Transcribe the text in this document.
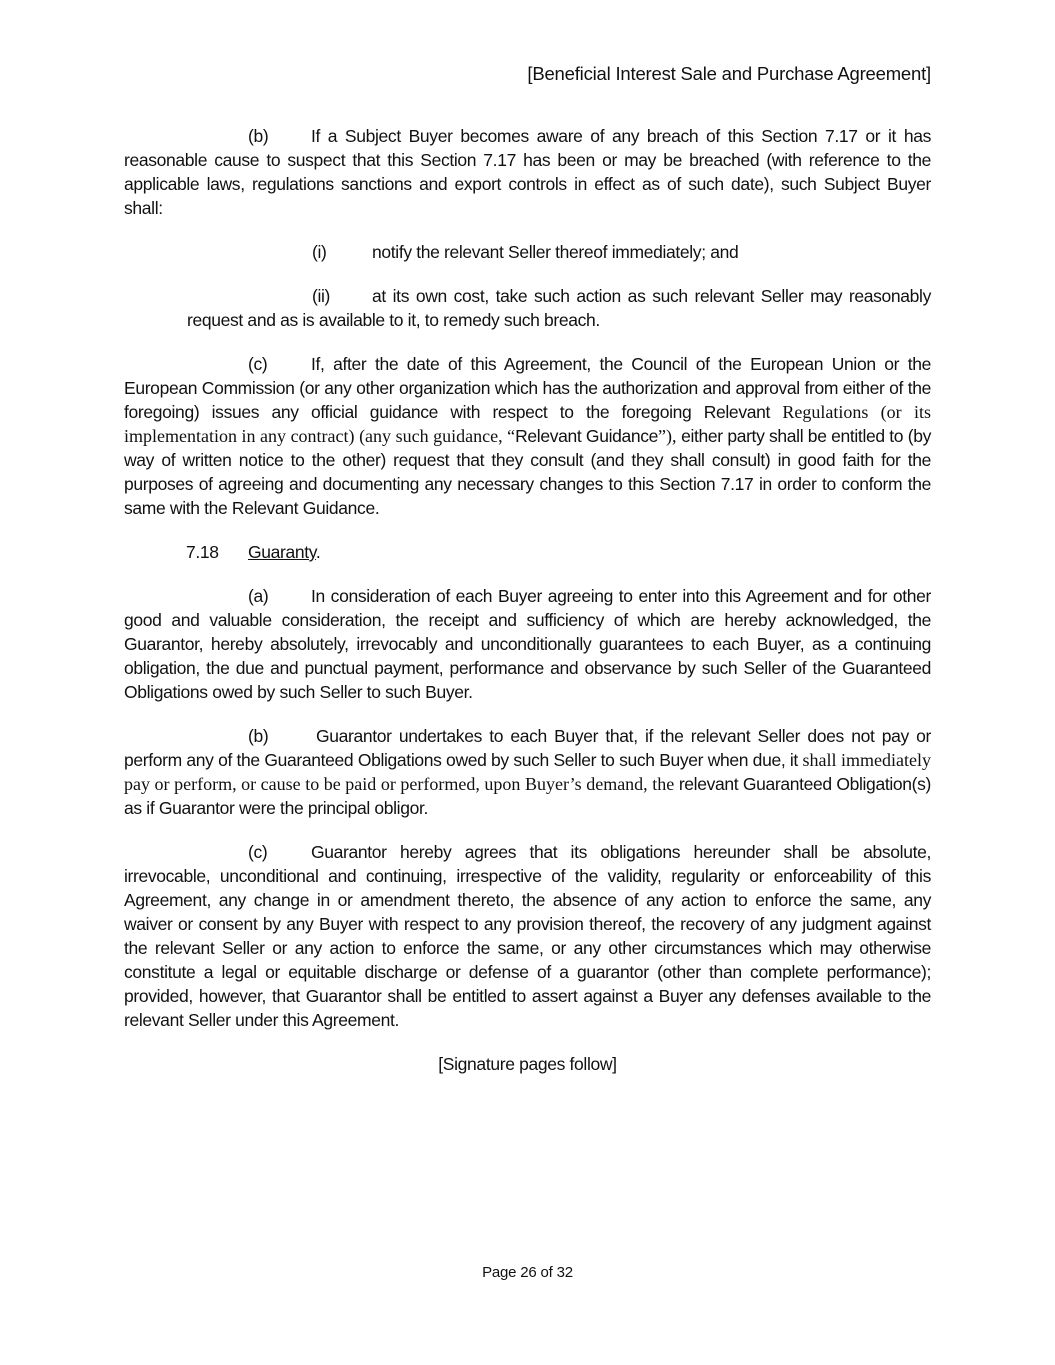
[Beneficial Interest Sale and Purchase Agreement]

(b) If a Subject Buyer becomes aware of any breach of this Section 7.17 or it has reasonable cause to suspect that this Section 7.17 has been or may be breached (with reference to the applicable laws, regulations sanctions and export controls in effect as of such date), such Subject Buyer shall:

(i)	notify the relevant Seller thereof immediately; and

(ii) at its own cost, take such action as such relevant Seller may reasonably request and as is available to it, to remedy such breach.

(c) If, after the date of this Agreement, the Council of the European Union or the European Commission (or any other organization which has the authorization and approval from either of the foregoing) issues any official guidance with respect to the foregoing Relevant Regulations (or its implementation in any contract) (any such guidance, “Relevant Guidance”), either party shall be entitled to (by way of written notice to the other) request that they consult (and they shall consult) in good faith for the purposes of agreeing and documenting any necessary changes to this Section 7.17 in order to conform the same with the Relevant Guidance.

7.18 Guaranty.

(a) In consideration of each Buyer agreeing to enter into this Agreement and for other good and valuable consideration, the receipt and sufficiency of which are hereby acknowledged, the Guarantor, hereby absolutely, irrevocably and unconditionally guarantees to each Buyer, as a continuing obligation, the due and punctual payment, performance and observance by such Seller of the Guaranteed Obligations owed by such Seller to such Buyer.

(b)	Guarantor undertakes to each Buyer that, if the relevant Seller does not pay or perform any of the Guaranteed Obligations owed by such Seller to such Buyer when due, it shall immediately pay or perform, or cause to be paid or performed, upon Buyer’s demand, the relevant Guaranteed Obligation(s) as if Guarantor were the principal obligor.

(c) Guarantor hereby agrees that its obligations hereunder shall be absolute, irrevocable, unconditional and continuing, irrespective of the validity, regularity or enforceability of this Agreement, any change in or amendment thereto, the absence of any action to enforce the same, any waiver or consent by any Buyer with respect to any provision thereof, the recovery of any judgment against the relevant Seller or any action to enforce the same, or any other circumstances which may otherwise constitute a legal or equitable discharge or defense of a guarantor (other than complete performance); provided, however, that Guarantor shall be entitled to assert against a Buyer any defenses available to the relevant Seller under this Agreement.

[Signature pages follow]

Page 26 of 32
